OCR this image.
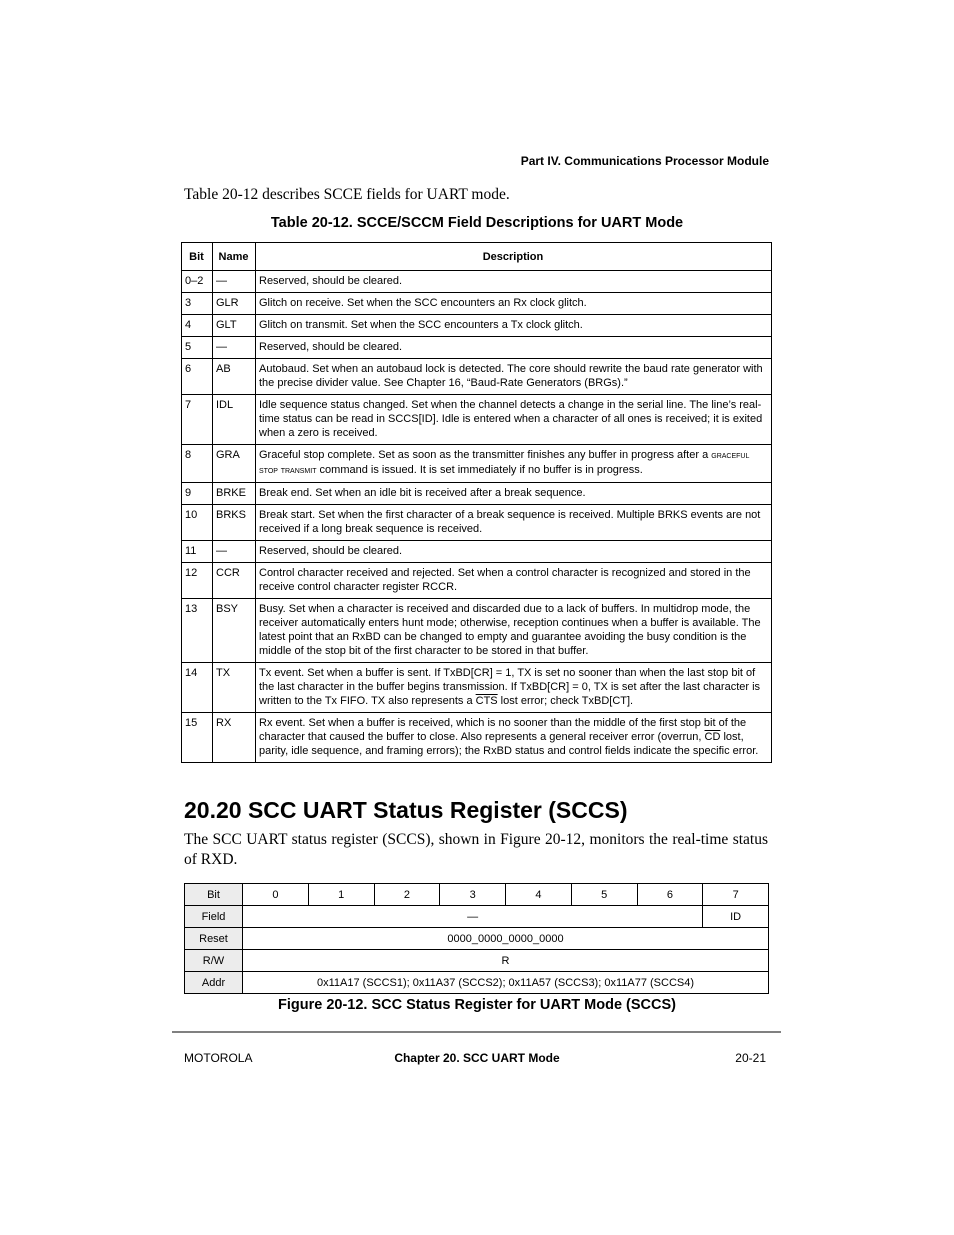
Part IV. Communications Processor Module
Table 20-12 describes SCCE fields for UART mode.
Table 20-12. SCCE/SCCM Field Descriptions for UART Mode
Bit	Name	Description
0–2	—	Reserved, should be cleared.
3	GLR	Glitch on receive. Set when the SCC encounters an Rx clock glitch.
4	GLT	Glitch on transmit. Set when the SCC encounters a Tx clock glitch.
5	—	Reserved, should be cleared.
6	AB	Autobaud. Set when an autobaud lock is detected. The core should rewrite the baud rate generator with the precise divider value. See Chapter 16, “Baud-Rate Generators (BRGs).”
7	IDL	Idle sequence status changed. Set when the channel detects a change in the serial line. The line’s real-time status can be read in SCCS[ID]. Idle is entered when a character of all ones is received; it is exited when a zero is received.
8	GRA	Graceful stop complete. Set as soon as the transmitter finishes any buffer in progress after a graceful stop transmit command is issued. It is set immediately if no buffer is in progress.
9	BRKE	Break end. Set when an idle bit is received after a break sequence.
10	BRKS	Break start. Set when the first character of a break sequence is received. Multiple BRKS events are not received if a long break sequence is received.
11	—	Reserved, should be cleared.
12	CCR	Control character received and rejected. Set when a control character is recognized and stored in the receive control character register RCCR.
13	BSY	Busy. Set when a character is received and discarded due to a lack of buffers. In multidrop mode, the receiver automatically enters hunt mode; otherwise, reception continues when a buffer is available. The latest point that an RxBD can be changed to empty and guarantee avoiding the busy condition is the middle of the stop bit of the first character to be stored in that buffer.
14	TX	Tx event. Set when a buffer is sent. If TxBD[CR] = 1, TX is set no sooner than when the last stop bit of the last character in the buffer begins transmission. If TxBD[CR] = 0, TX is set after the last character is written to the Tx FIFO. TX also represents a $\overline{CTS}$ lost error; check TxBD[CT].
15	RX	Rx event. Set when a buffer is received, which is no sooner than the middle of the first stop bit of the character that caused the buffer to close. Also represents a general receiver error (overrun, $\overline{CD}$ lost, parity, idle sequence, and framing errors); the RxBD status and control fields indicate the specific error.
20.20 SCC UART Status Register (SCCS)
The SCC UART status register (SCCS), shown in Figure 20-12, monitors the real-time status of RXD.
Bit	0	1	2	3	4	5	6	7
Field	—							ID
Reset	0000_0000_0000_0000							
R/W	R							
Addr	0x11A17 (SCCS1); 0x11A37 (SCCS2); 0x11A57 (SCCS3); 0x11A77 (SCCS4)							
Figure 20-12. SCC Status Register for UART Mode (SCCS)
MOTOROLA	Chapter 20. SCC UART Mode	20-21
